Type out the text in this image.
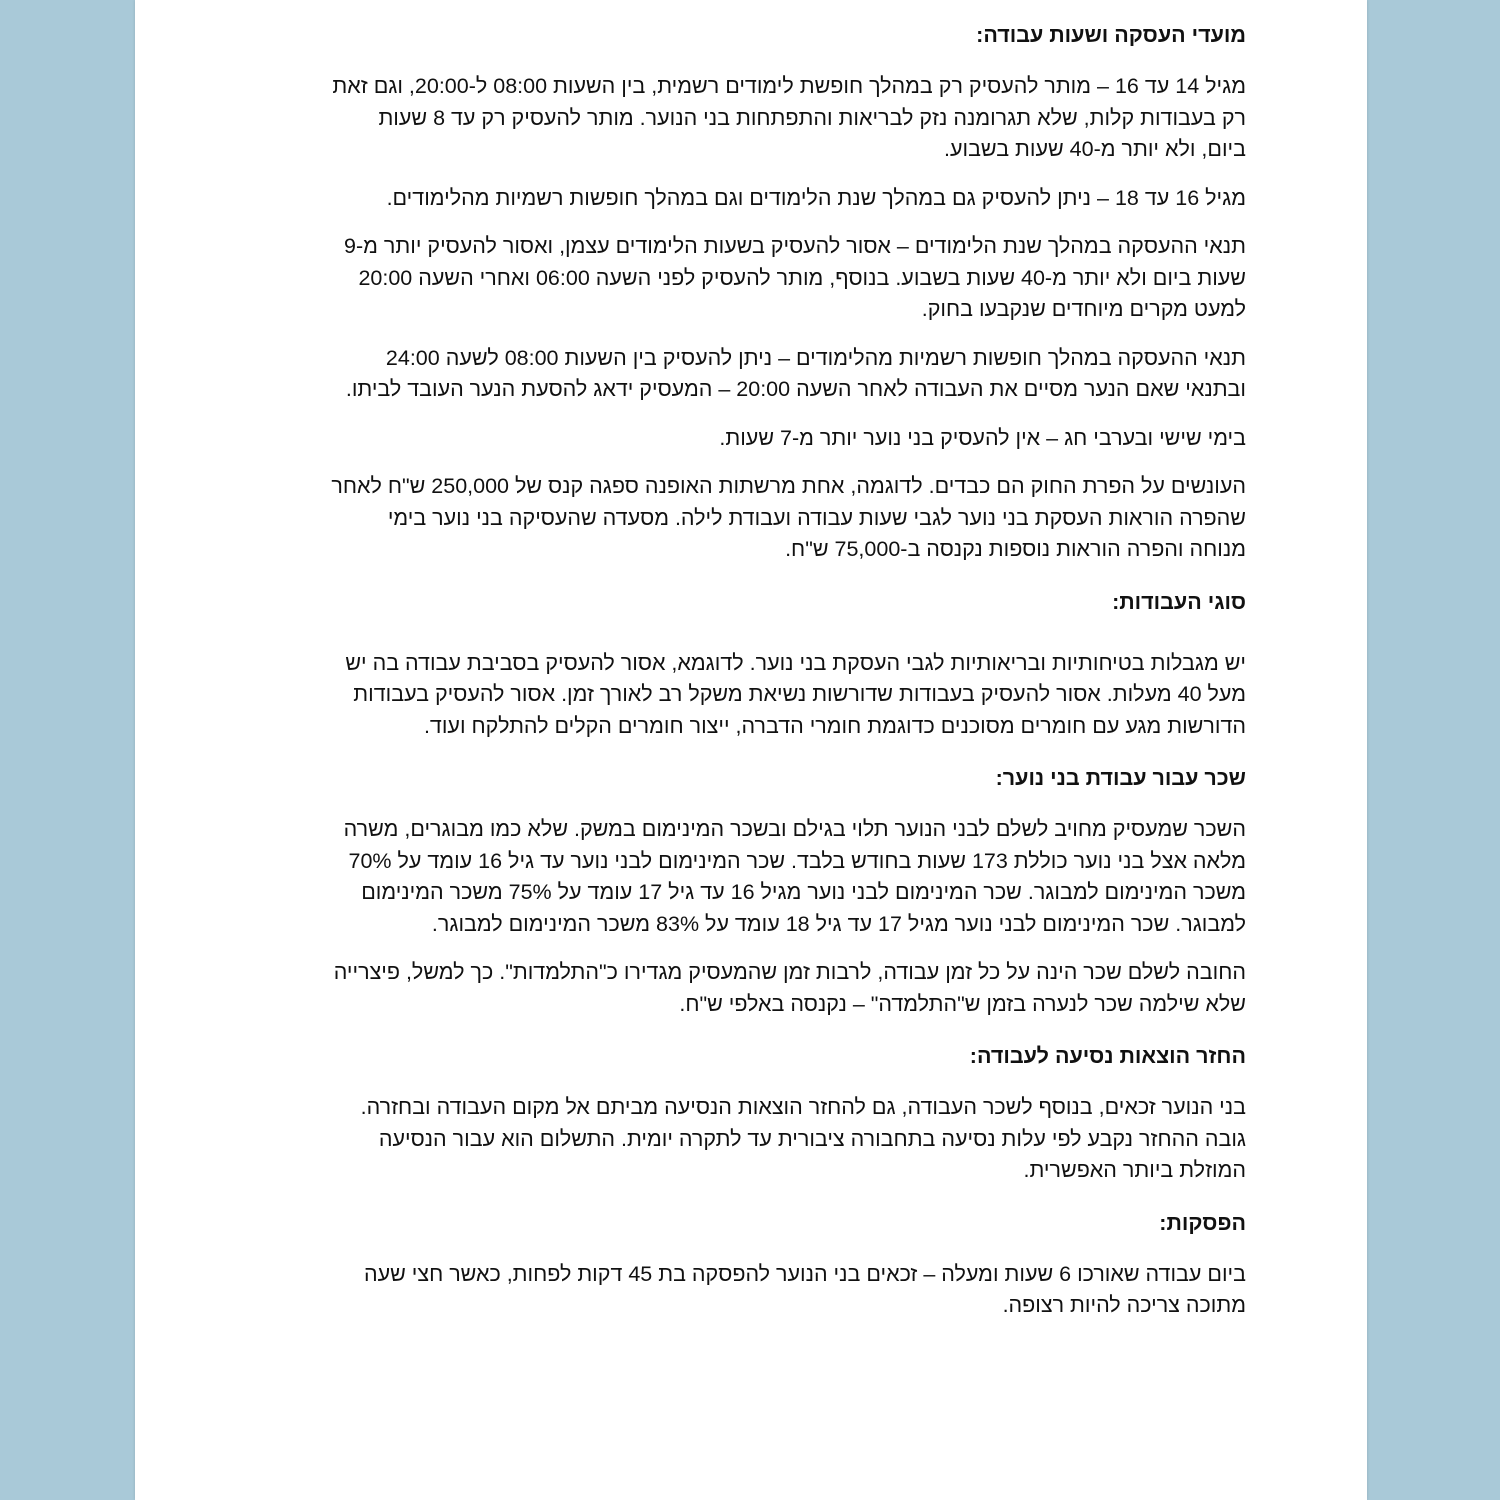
מועדי העסקה ושעות עבודה:

מגיל 14 עד 16 – מותר להעסיק רק במהלך חופשת לימודים רשמית, בין השעות 08:00 ל-20:00, וגם זאת רק בעבודות קלות, שלא תגרומנה נזק לבריאות והתפתחות בני הנוער. מותר להעסיק רק עד 8 שעות ביום, ולא יותר מ-40 שעות בשבוע.

מגיל 16 עד 18 – ניתן להעסיק גם במהלך שנת הלימודים וגם במהלך חופשות רשמיות מהלימודים.

תנאי ההעסקה במהלך שנת הלימודים – אסור להעסיק בשעות הלימודים עצמן, ואסור להעסיק יותר מ-9 שעות ביום ולא יותר מ-40 שעות בשבוע. בנוסף, מותר להעסיק לפני השעה 06:00 ואחרי השעה 20:00 למעט מקרים מיוחדים שנקבעו בחוק.

תנאי ההעסקה במהלך חופשות רשמיות מהלימודים – ניתן להעסיק בין השעות 08:00 לשעה 24:00 ובתנאי שאם הנער מסיים את העבודה לאחר השעה 20:00 – המעסיק ידאג להסעת הנער העובד לביתו.

בימי שישי ובערבי חג – אין להעסיק בני נוער יותר מ-7 שעות.

העונשים על הפרת החוק הם כבדים. לדוגמה, אחת מרשתות האופנה ספגה קנס של 250,000 ש"ח לאחר שהפרה הוראות העסקת בני נוער לגבי שעות עבודה ועבודת לילה. מסעדה שהעסיקה בני נוער בימי מנוחה והפרה הוראות נוספות נקנסה ב-75,000 ש"ח.

סוגי העבודות:

יש מגבלות בטיחותיות ובריאותיות לגבי העסקת בני נוער. לדוגמא, אסור להעסיק בסביבת עבודה בה יש מעל 40 מעלות. אסור להעסיק בעבודות שדורשות נשיאת משקל רב לאורך זמן. אסור להעסיק בעבודות הדורשות מגע עם חומרים מסוכנים כדוגמת חומרי הדברה, ייצור חומרים הקלים להתלקח ועוד.

שכר עבור עבודת בני נוער:

השכר שמעסיק מחויב לשלם לבני הנוער תלוי בגילם ובשכר המינימום במשק. שלא כמו מבוגרים, משרה מלאה אצל בני נוער כוללת 173 שעות בחודש בלבד. שכר המינימום לבני נוער עד גיל 16 עומד על 70% משכר המינימום למבוגר. שכר המינימום לבני נוער מגיל 16 עד גיל 17 עומד על 75% משכר המינימום למבוגר. שכר המינימום לבני נוער מגיל 17 עד גיל 18 עומד על 83% משכר המינימום למבוגר.

החובה לשלם שכר הינה על כל זמן עבודה, לרבות זמן שהמעסיק מגדירו כ"התלמדות". כך למשל, פיצרייה שלא שילמה שכר לנערה בזמן ש"התלמדה" – נקנסה באלפי ש"ח.

החזר הוצאות נסיעה לעבודה:

בני הנוער זכאים, בנוסף לשכר העבודה, גם להחזר הוצאות הנסיעה מביתם אל מקום העבודה ובחזרה. גובה ההחזר נקבע לפי עלות נסיעה בתחבורה ציבורית עד לתקרה יומית. התשלום הוא עבור הנסיעה המוזלת ביותר האפשרית.

הפסקות:

ביום עבודה שאורכו 6 שעות ומעלה – זכאים בני הנוער להפסקה בת 45 דקות לפחות, כאשר חצי שעה מתוכה צריכה להיות רצופה.
